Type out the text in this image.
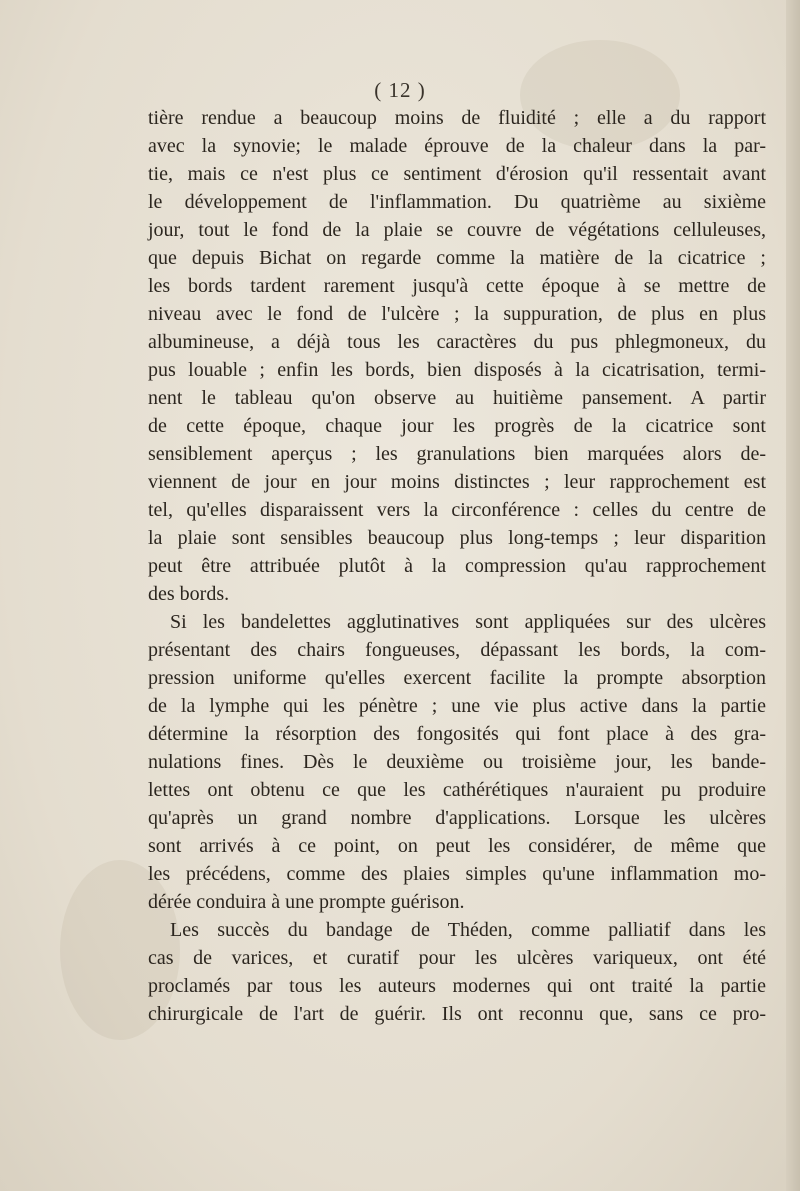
( 12 )
tière rendue a beaucoup moins de fluidité ; elle a du rapport
avec la synovie; le malade éprouve de la chaleur dans la par-
tie, mais ce n'est plus ce sentiment d'érosion qu'il ressentait avant
le développement de l'inflammation. Du quatrième au sixième
jour, tout le fond de la plaie se couvre de végétations celluleuses,
que depuis Bichat on regarde comme la matière de la cicatrice ;
les bords tardent rarement jusqu'à cette époque à se mettre de
niveau avec le fond de l'ulcère ; la suppuration, de plus en plus
albumineuse, a déjà tous les caractères du pus phlegmoneux, du
pus louable ; enfin les bords, bien disposés à la cicatrisation, termi-
nent le tableau qu'on observe au huitième pansement. A partir
de cette époque, chaque jour les progrès de la cicatrice sont
sensiblement aperçus ; les granulations bien marquées alors de-
viennent de jour en jour moins distinctes ; leur rapprochement est
tel, qu'elles disparaissent vers la circonférence : celles du centre de
la plaie sont sensibles beaucoup plus long-temps ; leur disparition
peut être attribuée plutôt à la compression qu'au rapprochement
des bords.
Si les bandelettes agglutinatives sont appliquées sur des ulcères
présentant des chairs fongueuses, dépassant les bords, la com-
pression uniforme qu'elles exercent facilite la prompte absorption
de la lymphe qui les pénètre ; une vie plus active dans la partie
détermine la résorption des fongosités qui font place à des gra-
nulations fines. Dès le deuxième ou troisième jour, les bande-
lettes ont obtenu ce que les cathérétiques n'auraient pu produire
qu'après un grand nombre d'applications. Lorsque les ulcères
sont arrivés à ce point, on peut les considérer, de même que
les précédens, comme des plaies simples qu'une inflammation mo-
dérée conduira à une prompte guérison.
Les succès du bandage de Théden, comme palliatif dans les
cas de varices, et curatif pour les ulcères variqueux, ont été
proclamés par tous les auteurs modernes qui ont traité la partie
chirurgicale de l'art de guérir. Ils ont reconnu que, sans ce pro-
